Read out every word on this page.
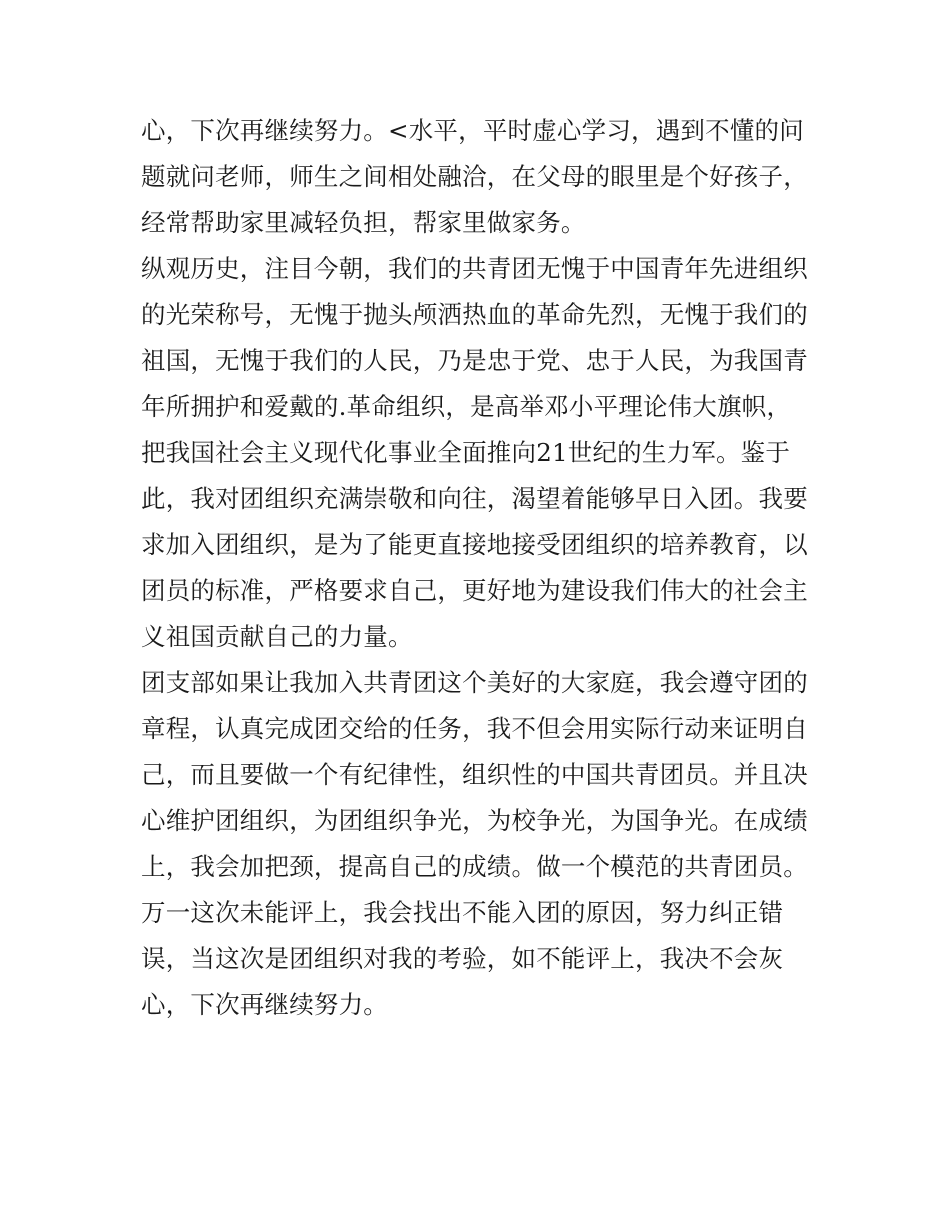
心，下次再继续努力。<水平，平时虚心学习，遇到不懂的问
题就问老师，师生之间相处融洽，在父母的眼里是个好孩子，
经常帮助家里减轻负担，帮家里做家务。
纵观历史，注目今朝，我们的共青团无愧于中国青年先进组织
的光荣称号，无愧于抛头颅洒热血的革命先烈，无愧于我们的
祖国，无愧于我们的人民，乃是忠于党、忠于人民，为我国青
年所拥护和爱戴的.革命组织，是高举邓小平理论伟大旗帜，
把我国社会主义现代化事业全面推向21世纪的生力军。鉴于
此，我对团组织充满崇敬和向往，渴望着能够早日入团。我要
求加入团组织，是为了能更直接地接受团组织的培养教育，以
团员的标准，严格要求自己，更好地为建设我们伟大的社会主
义祖国贡献自己的力量。
团支部如果让我加入共青团这个美好的大家庭，我会遵守团的
章程，认真完成团交给的任务，我不但会用实际行动来证明自
己，而且要做一个有纪律性，组织性的中国共青团员。并且决
心维护团组织，为团组织争光，为校争光，为国争光。在成绩
上，我会加把颈，提高自己的成绩。做一个模范的共青团员。
万一这次未能评上，我会找出不能入团的原因，努力纠正错
误，当这次是团组织对我的考验，如不能评上，我决不会灰
心，下次再继续努力。
